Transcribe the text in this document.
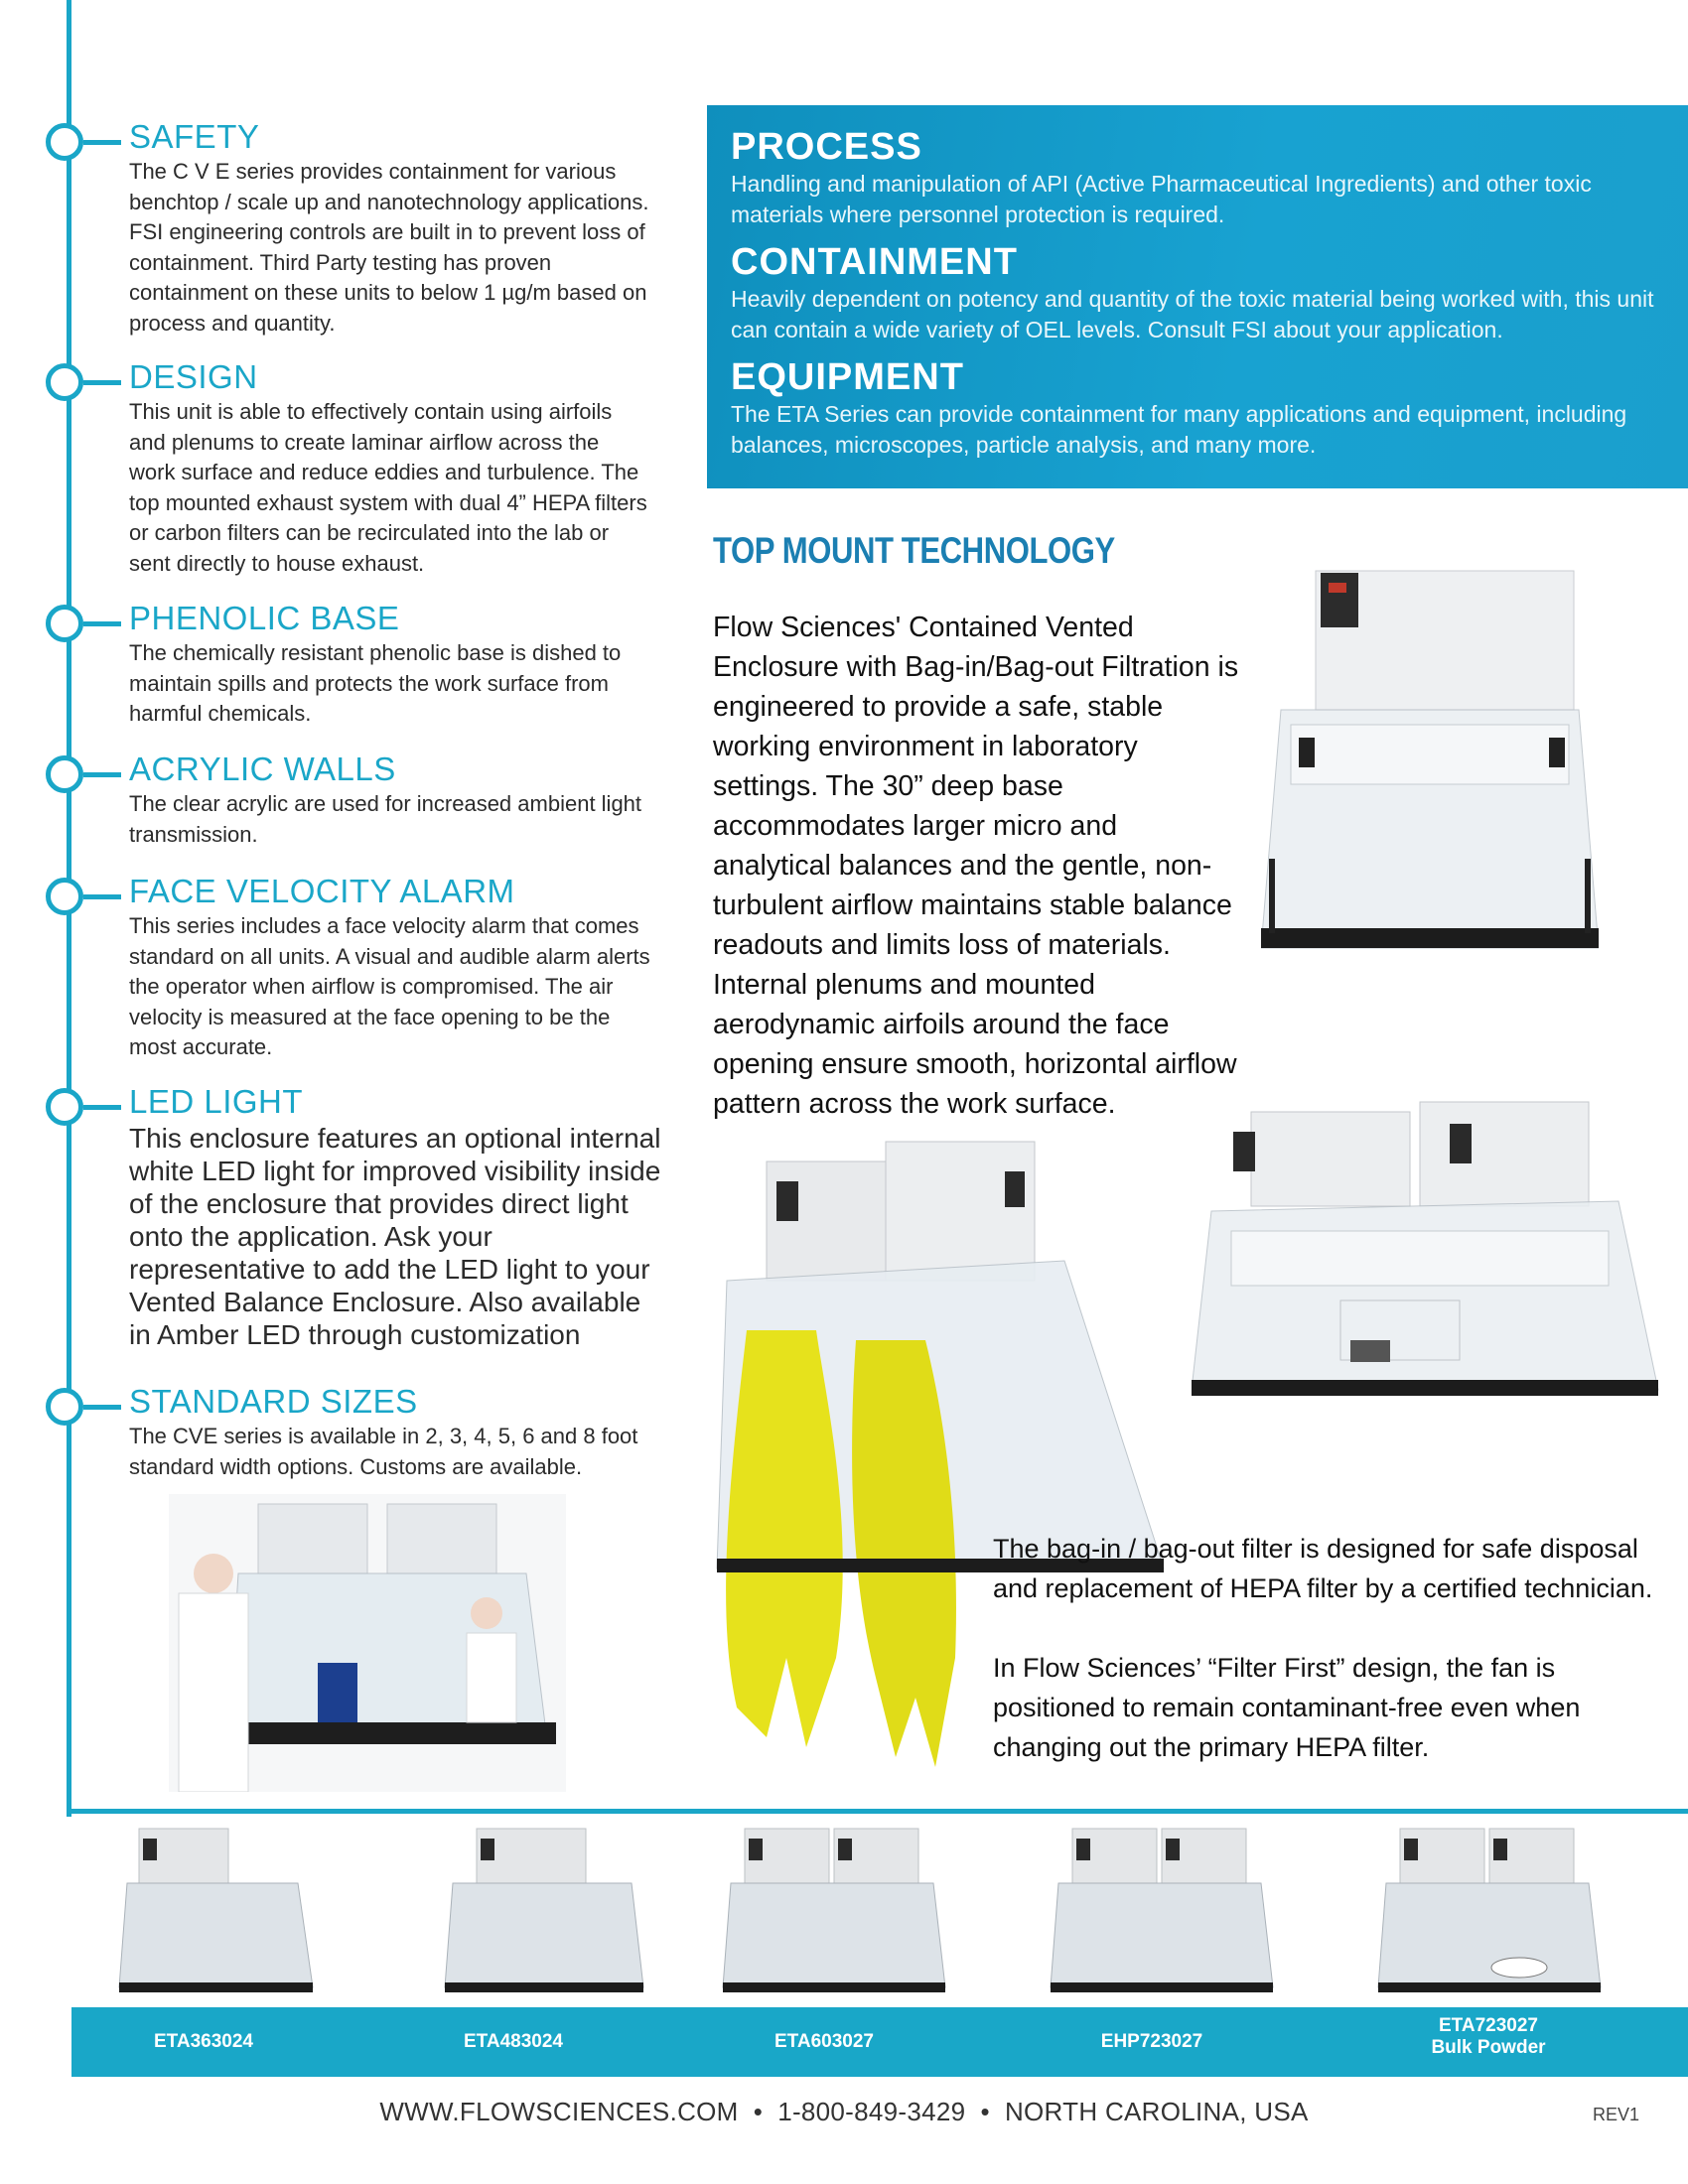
SAFETY

The C V E series provides containment for various benchtop / scale up and nanotechnology applications. FSI engineering controls are built in to prevent loss of containment. Third Party testing has proven containment on these units to below 1 µg/m based on process and quantity.

DESIGN

This unit is able to effectively contain using airfoils and plenums to create laminar airflow across the work surface and reduce eddies and turbulence. The top mounted exhaust system with dual 4” HEPA filters or carbon filters can be recirculated into the lab or sent directly to house exhaust.

PHENOLIC BASE

The chemically resistant phenolic base is dished to maintain spills and protects the work surface from harmful chemicals.

ACRYLIC WALLS

The clear acrylic are used for increased ambient light transmission.

FACE VELOCITY ALARM

This series includes a face velocity alarm that comes standard on all units. A visual and audible alarm alerts the operator when airflow is compromised. The air velocity is measured at the face opening to be the most accurate.

LED LIGHT

This enclosure features an optional internal white LED light for improved visibility inside of the enclosure that provides direct light onto the application. Ask your representative to add the LED light to your Vented Balance Enclosure. Also available in Amber LED through customization

STANDARD SIZES

The CVE series is available in 2, 3, 4, 5, 6 and 8 foot standard width options. Customs are available.

PROCESS

Handling and manipulation of API (Active Pharmaceutical Ingredients) and other toxic materials where personnel protection is required.

CONTAINMENT

Heavily dependent on potency and quantity of the toxic material being worked with, this unit can contain a wide variety of OEL levels. Consult FSI about your application.

EQUIPMENT

The ETA Series can provide containment for many applications and equipment, including balances, microscopes, particle analysis, and many more.

TOP MOUNT TECHNOLOGY

Flow Sciences' Contained Vented Enclosure with Bag-in/Bag-out Filtration is engineered to provide a safe, stable working environment in laboratory settings. The 30” deep base accommodates larger micro and analytical balances and the gentle, non-turbulent airflow maintains stable balance readouts and limits loss of materials. Internal plenums and mounted aerodynamic airfoils around the face opening ensure smooth, horizontal airflow pattern across the work surface.

The bag-in / bag-out filter is designed for safe disposal and replacement of HEPA filter by a certified technician.

In Flow Sciences’ “Filter First” design, the fan is positioned to remain contaminant-free even when changing out the primary HEPA filter.

ETA363024	ETA483024	ETA603027	EHP723027
ETA723027
Bulk Powder
WWW.FLOWSCIENCES.COM • 1-800-849-3429 • NORTH CAROLINA, USA	REV1
